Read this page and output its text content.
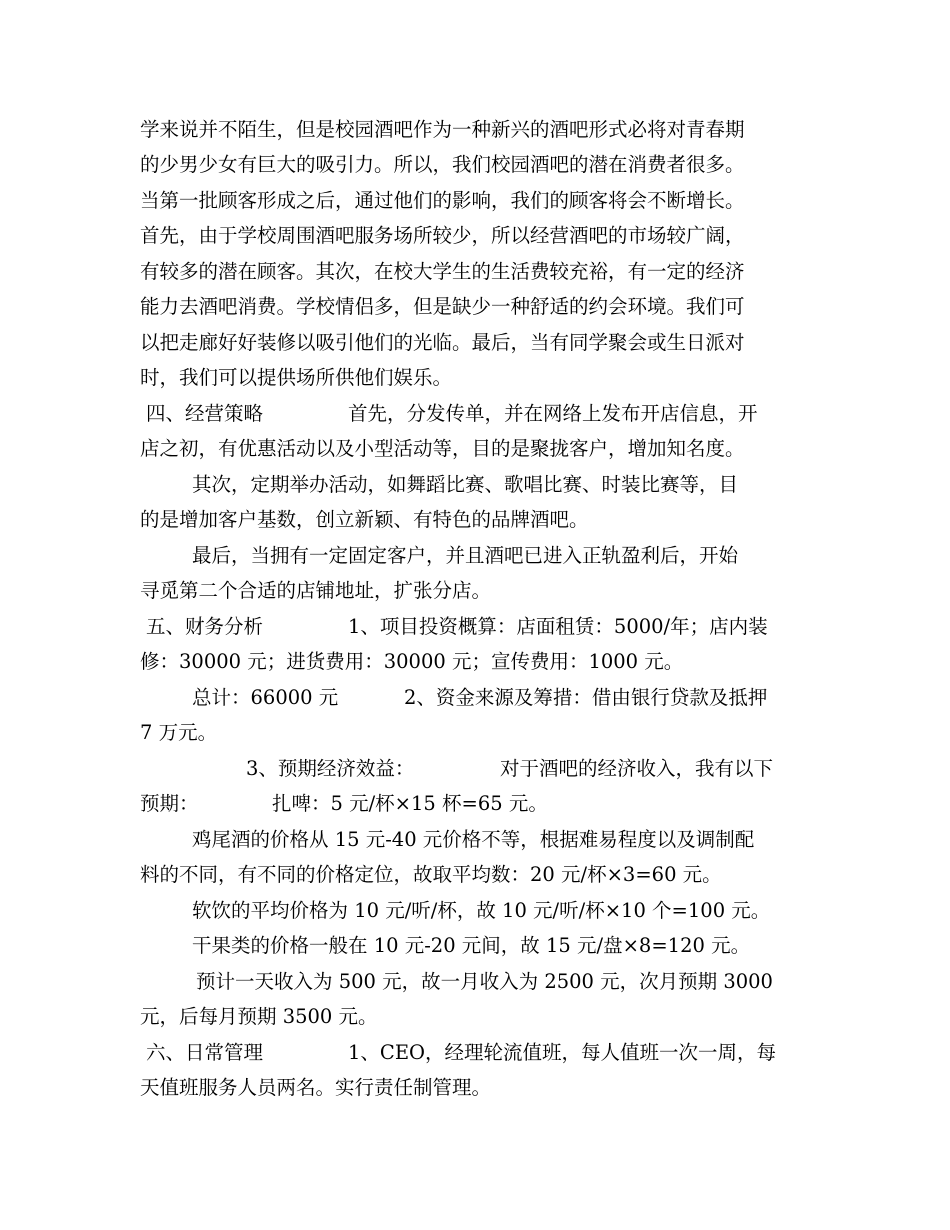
学来说并不陌生，但是校园酒吧作为一种新兴的酒吧形式必将对青春期
的少男少女有巨大的吸引力。所以，我们校园酒吧的潜在消费者很多。
当第一批顾客形成之后，通过他们的影响，我们的顾客将会不断增长。
首先，由于学校周围酒吧服务场所较少，所以经营酒吧的市场较广阔，
有较多的潜在顾客。其次，在校大学生的生活费较充裕，有一定的经济
能力去酒吧消费。学校情侣多，但是缺少一种舒适的约会环境。我们可
以把走廊好好装修以吸引他们的光临。最后，当有同学聚会或生日派对
时，我们可以提供场所供他们娱乐。
四、经营策略	首先，分发传单，并在网络上发布开店信息，开
店之初，有优惠活动以及小型活动等，目的是聚拢客户，增加知名度。
其次，定期举办活动，如舞蹈比赛、歌唱比赛、时装比赛等，目
的是增加客户基数，创立新颖、有特色的品牌酒吧。
最后，当拥有一定固定客户，并且酒吧已进入正轨盈利后，开始
寻觅第二个合适的店铺地址，扩张分店。
五、财务分析	1、项目投资概算：店面租赁：5000/年；店内装
修：30000 元；进货费用：30000 元；宣传费用：1000 元。
总计：66000 元	2、资金来源及筹措：借由银行贷款及抵押
7 万元。
3、预期经济效益：	对于酒吧的经济收入，我有以下
预期：	扎啤：5 元/杯×15 杯=65 元。
鸡尾酒的价格从 15 元-40 元价格不等，根据难易程度以及调制配
料的不同，有不同的价格定位，故取平均数：20 元/杯×3=60 元。
软饮的平均价格为 10 元/听/杯，故 10 元/听/杯×10 个=100 元。
干果类的价格一般在 10 元-20 元间，故 15 元/盘×8=120 元。
预计一天收入为 500 元，故一月收入为 2500 元，次月预期 3000
元，后每月预期 3500 元。
六、日常管理	1、CEO，经理轮流值班，每人值班一次一周，每
天值班服务人员两名。实行责任制管理。
